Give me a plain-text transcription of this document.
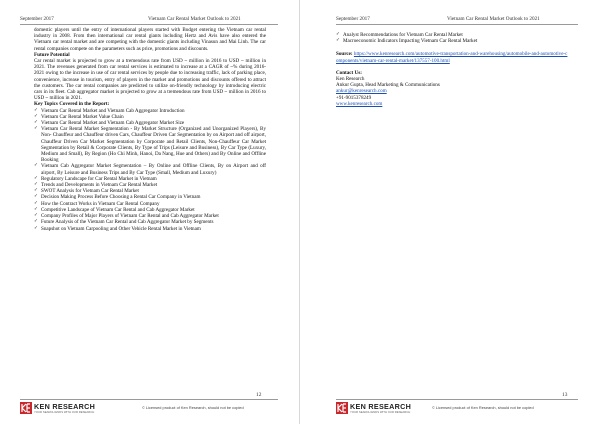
September 2017	Vietnam Car Rental Market Outlook to 2021

domestic players until the entry of international players started with Budget entering the Vietnam car rental industry in 2008. From then international car rental giants including Hertz and Avis have also entered the Vietnam car rental market and are competing with the domestic giants including Vinasun and Mai Linh. The car rental companies compete on the parameters such as price, promotions and discounts.

Future Potential

Car rental market is projected to grow at a tremendous rate from USD ~ million in 2016 to USD ~ million in 2021. The revenues generated from car rental services is estimated to increase at a CAGR of ~% during 2016-2021 owing to the increase in use of car rental services by people due to increasing traffic, lack of parking place, convenience, increase in tourism, entry of players in the market and promotions and discounts offered to attract the customers. The car rental companies are predicted to utilize on-friendly technology by introducing electric cars in its fleet. Cab aggregator market is projected to grow at a tremendous rate from USD ~ million in 2016 to USD ~ million in 2021.

Key Topics Covered in the Report:

✓ Vietnam Car Rental Market and Vietnam Cab Aggregator Introduction
✓ Vietnam Car Rental Market Value Chain
✓ Vietnam Car Rental Market and Vietnam Cab Aggregator Market Size
✓ Vietnam Car Rental Market Segmentation - By Market Structure (Organized and Unorganized Players), By Non- Chauffeur and Chauffeur driven Cars, Chauffeur Driven Car Segmentation by on Airport and off airport, Chauffeur Driven Car Market Segmentation by Corporate and Retail Clients, Non-Chauffeur Car Market Segmentation by Retail & Corporate Clients, By Type of Trips (Leisure and Business), By Car Type (Luxury, Medium and Small), By Region (Ho Chi Minh, Hanoi, Da Nang, Hue and Others) and By Online and Offline Booking
✓ Vietnam Cab Aggregator Market Segmentation – By Online and Offline Clients, By on Airport and off airport, By Leisure and Business Trips and By Car Type (Small, Medium and Luxury)
✓ Regulatory Landscape for Car Rental Market in Vietnam
✓ Trends and Developments in Vietnam Car Rental Market
✓ SWOT Analysis for Vietnam Car Rental Market
✓ Decision Making Process Before Choosing a Rental Car Company in Vietnam
✓ How the Contract Works in Vietnam Car Rental Company
✓ Competitive Landscape of Vietnam Car Rental and Cab Aggregator Market
✓ Company Profiles of Major Players of Vietnam Car Rental and Cab Aggregator Market
✓ Future Analysis of the Vietnam Car Rental and Cab Aggregator Market by Segments
✓ Snapshot on Vietnam Carpooling and Other Vehicle Rental Market in Vietnam
12
KEN RESEARCH
YOUR SEARCH ENDS WITH OUR RESEARCH
©Licensed product of Ken Research, should not be copied
September 2017	Vietnam Car Rental Market Outlook to 2021
✓ Analyst Recommendations for Vietnam Car Rental Market
✓ Macroeconomic Indicators Impacting Vietnam Car Rental Market

Source: https://www.kenresearch.com/automotive-transportation-and-warehousing/automobile-and-automotive-components/vietnam-car-rental-market/137557-100.html

Contact Us:
Ken Research
Ankur Gupta, Head Marketing & Communications
ankur@kenresearch.com
+91-9015378249
www.kenresearch.com
13
KEN RESEARCH
YOUR SEARCH ENDS WITH OUR RESEARCH
©Licensed product of Ken Research, should not be copied
